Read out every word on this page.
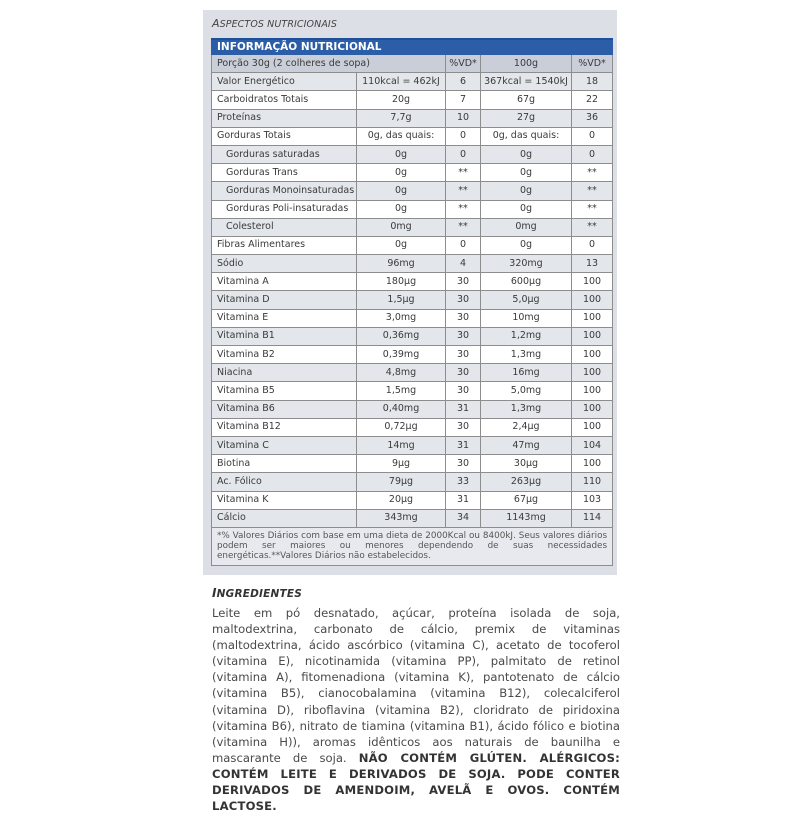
ASPECTOS NUTRICIONAIS
INFORMAÇÃO NUTRICIONAL				
Porção 30g (2 colheres de sopa)		%VD*	100g	%VD*
Valor Energético	110kcal = 462kJ	6	367kcal = 1540kJ	18
Carboidratos Totais	20g	7	67g	22
Proteínas	7,7g	10	27g	36
Gorduras Totais	0g, das quais:	0	0g, das quais:	0
Gorduras saturadas	0g	0	0g	0
Gorduras Trans	0g	**	0g	**
Gorduras Monoinsaturadas	0g	**	0g	**
Gorduras Poli-insaturadas	0g	**	0g	**
Colesterol	0mg	**	0mg	**
Fibras Alimentares	0g	0	0g	0
Sódio	96mg	4	320mg	13
Vitamina A	180µg	30	600µg	100
Vitamina D	1,5µg	30	5,0µg	100
Vitamina E	3,0mg	30	10mg	100
Vitamina B1	0,36mg	30	1,2mg	100
Vitamina B2	0,39mg	30	1,3mg	100
Niacina	4,8mg	30	16mg	100
Vitamina B5	1,5mg	30	5,0mg	100
Vitamina B6	0,40mg	31	1,3mg	100
Vitamina B12	0,72µg	30	2,4µg	100
Vitamina C	14mg	31	47mg	104
Biotina	9µg	30	30µg	100
Ac. Fólico	79µg	33	263µg	110
Vitamina K	20µg	31	67µg	103
Cálcio	343mg	34	1143mg	114
*% Valores Diários com base em uma dieta de 2000Kcal ou 8400kJ. Seus valores diários podem ser maiores ou menores dependendo de suas necessidades energéticas.**Valores Diários não estabelecidos.				
INGREDIENTES
Leite em pó desnatado, açúcar, proteína isolada de soja, maltodextrina, carbonato de cálcio, premix de vitaminas (maltodextrina, ácido ascórbico (vitamina C), acetato de tocoferol (vitamina E), nicotinamida (vitamina PP), palmitato de retinol (vitamina A), fitomenadiona (vitamina K), pantotenato de cálcio (vitamina B5), cianocobalamina (vitamina B12), colecalciferol (vitamina D), riboflavina (vitamina B2), cloridrato de piridoxina (vitamina B6), nitrato de tiamina (vitamina B1), ácido fólico e biotina (vitamina H)), aromas idênticos aos naturais de baunilha e mascarante de soja. NÃO CONTÉM GLÚTEN. ALÉRGICOS: CONTÉM LEITE E DERIVADOS DE SOJA. PODE CONTER DERIVADOS DE AMENDOIM, AVELÃ E OVOS. CONTÉM LACTOSE.
